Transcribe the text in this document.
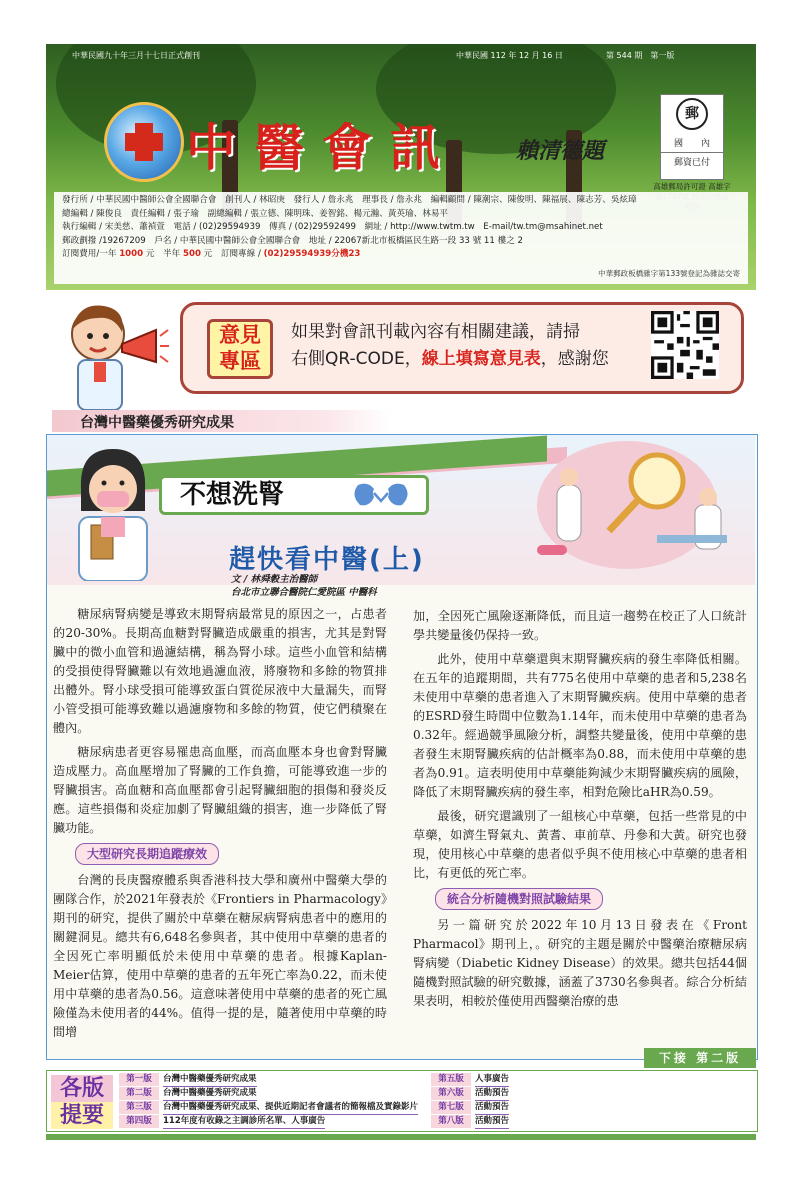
中華民國九十年三月十七日正式創刊	中華民國 112 年 12 月 16 日	第 544 期　第一版
中醫會訊	賴清德題
郵
國　　內
郵資已付
高雄郵局許可證 高雄字
發行所 / 中華民國中醫師公會全國聯合會　創刊人 / 林昭庚　發行人 / 詹永兆　理事長 / 詹永兆　編輯顧問 / 陳潮宗、陳俊明、陳福展、陳志芳、吳炫璋
總編輯 / 陳俊良　責任編輯 / 張子瑜　副總編輯 / 張立德、陳明珠、姜智銘、楊元瀚、黃英瑜、林易平
執行編輯 / 宋美慈、蕭禎萱　電話 / (02)29594939　傳真 / (02)29592499　網址 / http://www.twtm.tw　E-mail/tw.tm@msahinet.net
郵政劃撥 /19267209　戶名 / 中華民國中醫師公會全國聯合會　地址 / 22067新北市板橋區民生路一段 33 號 11 樓之 2
訂閱費用/一年 1000 元　半年 500 元　訂閱專線 / (02)29594939分機23
中華郵政板橋雜字第133號登記為雜誌交寄
意見專區
如果對會訊刊載內容有相關建議，請掃
右側QR-CODE，線上填寫意見表，感謝您
台灣中醫藥優秀研究成果
不想洗腎
趕快看中醫(上)
文 / 林舜穀主治醫師
台北市立聯合醫院仁愛院區 中醫科

糖尿病腎病變是導致末期腎病最常見的原因之一，占患者的20-30%。長期高血糖對腎臟造成嚴重的損害，尤其是對腎臟中的微小血管和過濾結構，稱為腎小球。這些小血管和結構的受損使得腎臟難以有效地過濾血液，將廢物和多餘的物質排出體外。腎小球受損可能導致蛋白質從尿液中大量漏失，而腎小管受損可能導致難以過濾廢物和多餘的物質，使它們積聚在體內。

糖尿病患者更容易罹患高血壓，而高血壓本身也會對腎臟造成壓力。高血壓增加了腎臟的工作負擔，可能導致進一步的腎臟損害。高血糖和高血壓都會引起腎臟細胞的損傷和發炎反應。這些損傷和炎症加劇了腎臟組織的損害，進一步降低了腎臟功能。

大型研究長期追蹤療效

台灣的長庚醫療體系與香港科技大學和廣州中醫藥大學的團隊合作，於2021年發表於《Frontiers in Pharmacology》期刊的研究，提供了關於中草藥在糖尿病腎病患者中的應用的關鍵洞見。總共有6,648名參與者，其中使用中草藥的患者的全因死亡率明顯低於未使用中草藥的患者。根據Kaplan-Meier估算，使用中草藥的患者的五年死亡率為0.22，而未使用中草藥的患者為0.56。這意味著使用中草藥的患者的死亡風險僅為未使用者的44%。值得一提的是，隨著使用中草藥的時間增

加，全因死亡風險逐漸降低，而且這一趨勢在校正了人口統計學共變量後仍保持一致。

此外，使用中草藥還與末期腎臟疾病的發生率降低相關。在五年的追蹤期間，共有775名使用中草藥的患者和5,238名未使用中草藥的患者進入了末期腎臟疾病。使用中草藥的患者的ESRD發生時間中位數為1.14年，而未使用中草藥的患者為0.32年。經過競爭風險分析，調整共變量後，使用中草藥的患者發生末期腎臟疾病的估計概率為0.88，而未使用中草藥的患者為0.91。這表明使用中草藥能夠減少末期腎臟疾病的風險，降低了末期腎臟疾病的發生率，相對危險比aHR為0.59。

最後，研究還識別了一組核心中草藥，包括一些常見的中草藥，如濟生腎氣丸、黃耆、車前草、丹參和大黃。研究也發現，使用核心中草藥的患者似乎與不使用核心中草藥的患者相比，有更低的死亡率。

統合分析隨機對照試驗結果

另一篇研究於2022年10月13日發表在《Front Pharmacol》期刊上，。研究的主題是關於中醫藥治療糖尿病腎病變（Diabetic Kidney Disease）的效果。總共包括44個隨機對照試驗的研究數據，涵蓋了3730名參與者。綜合分析結果表明，相較於僅使用西醫藥治療的患

下接 第二版
各版
提要
第一版 台灣中醫藥優秀研究成果
第二版 台灣中醫藥優秀研究成果
第三版 台灣中醫藥優秀研究成果、提供近期記者會議者的簡報檔及實錄影片
第四版 112年度有收錄之主調診所名單、人事廣告
第五版 人事廣告
第六版 活動預告
第七版 活動預告
第八版 活動預告
